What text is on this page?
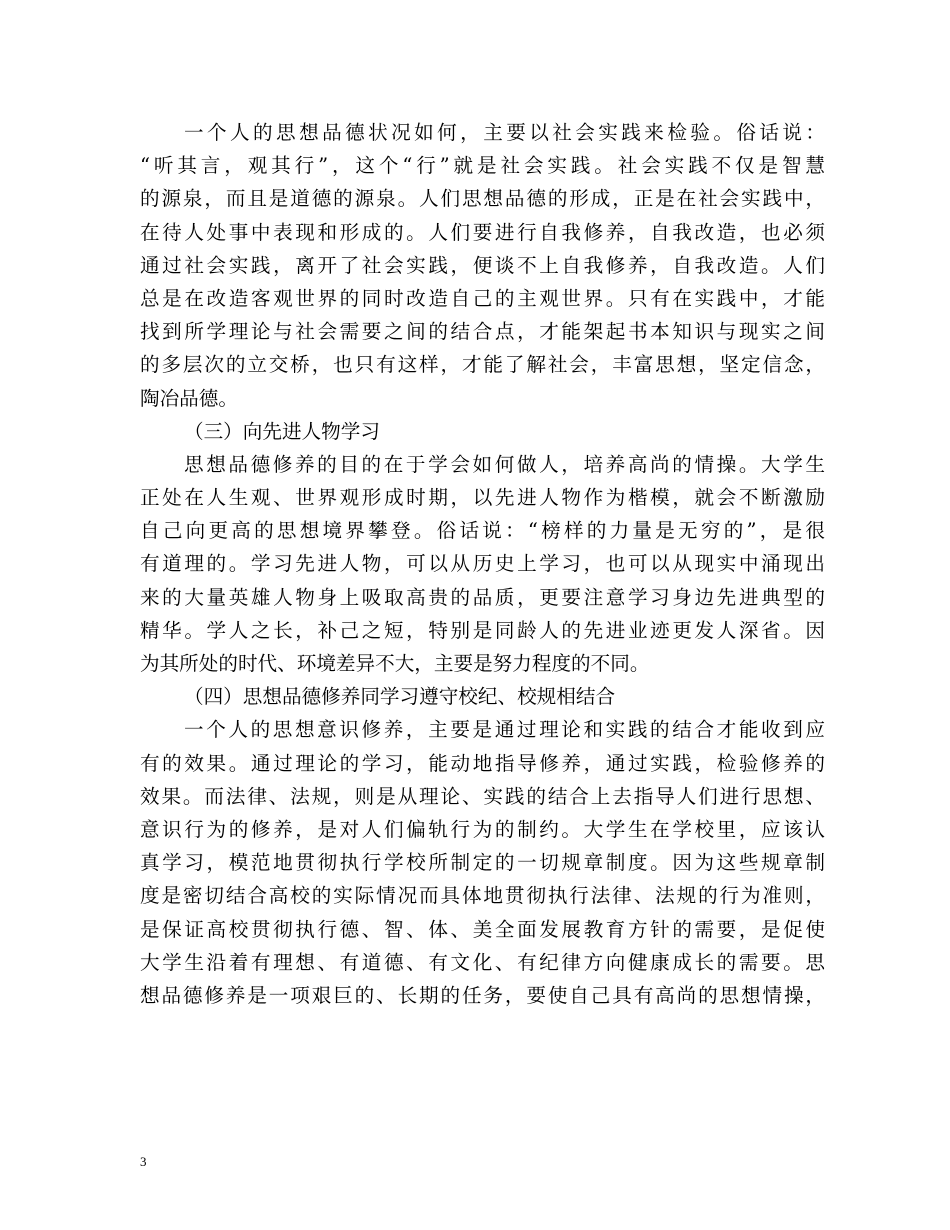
一个人的思想品德状况如何，主要以社会实践来检验。俗话说：
“听其言，观其行”，这个“行”就是社会实践。社会实践不仅是智慧
的源泉，而且是道德的源泉。人们思想品德的形成，正是在社会实践中，
在待人处事中表现和形成的。人们要进行自我修养，自我改造，也必须
通过社会实践，离开了社会实践，便谈不上自我修养，自我改造。人们
总是在改造客观世界的同时改造自己的主观世界。只有在实践中，才能
找到所学理论与社会需要之间的结合点，才能架起书本知识与现实之间
的多层次的立交桥，也只有这样，才能了解社会，丰富思想，坚定信念，
陶冶品德。
（三）向先进人物学习
思想品德修养的目的在于学会如何做人，培养高尚的情操。大学生
正处在人生观、世界观形成时期，以先进人物作为楷模，就会不断激励
自己向更高的思想境界攀登。俗话说：“榜样的力量是无穷的”，是很
有道理的。学习先进人物，可以从历史上学习，也可以从现实中涌现出
来的大量英雄人物身上吸取高贵的品质，更要注意学习身边先进典型的
精华。学人之长，补己之短，特别是同龄人的先进业迹更发人深省。因
为其所处的时代、环境差异不大，主要是努力程度的不同。
（四）思想品德修养同学习遵守校纪、校规相结合
一个人的思想意识修养，主要是通过理论和实践的结合才能收到应
有的效果。通过理论的学习，能动地指导修养，通过实践，检验修养的
效果。而法律、法规，则是从理论、实践的结合上去指导人们进行思想、
意识行为的修养，是对人们偏轨行为的制约。大学生在学校里，应该认
真学习，模范地贯彻执行学校所制定的一切规章制度。因为这些规章制
度是密切结合高校的实际情况而具体地贯彻执行法律、法规的行为准则，
是保证高校贯彻执行德、智、体、美全面发展教育方针的需要，是促使
大学生沿着有理想、有道德、有文化、有纪律方向健康成长的需要。思
想品德修养是一项艰巨的、长期的任务，要使自己具有高尚的思想情操，
3
